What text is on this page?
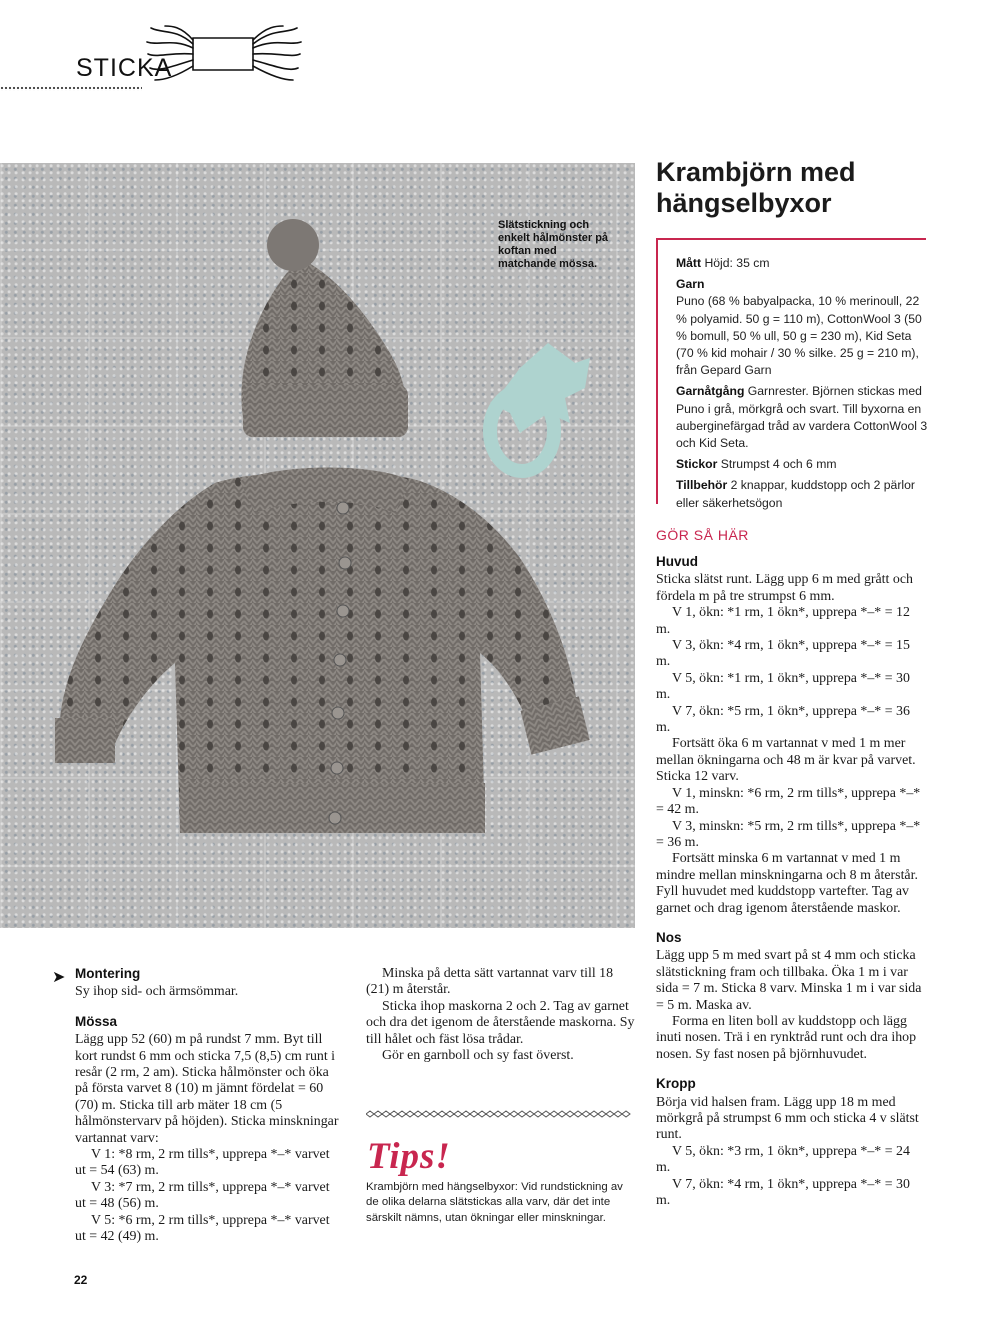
STICKA
Slätstickning och enkelt hålmönster på koftan med matchande mössa.
Krambjörn med hängselbyxor

Mått Höjd: 35 cm

Garn
Puno (68 % babyalpacka, 10 % merinoull, 22 % polyamid. 50 g = 110 m), CottonWool 3 (50 % bomull, 50 % ull, 50 g = 230 m), Kid Seta (70 % kid mohair / 30 % silke. 25 g = 210 m), från Gepard Garn

Garnåtgång Garnrester. Björnen stickas med Puno i grå, mörkgrå och svart. Till byxorna en auberginefärgad tråd av vardera CottonWool 3 och Kid Seta.

Stickor Strumpst 4 och 6 mm

Tillbehör 2 knappar, kuddstopp och 2 pärlor eller säkerhetsögon

GÖR SÅ HÄR
Huvud

Sticka slätst runt. Lägg upp 6 m med grått och fördela m på tre strumpst 6 mm.

V 1, ökn: *1 rm, 1 ökn*, upprepa *–* = 12 m.

V 3, ökn: *4 rm, 1 ökn*, upprepa *–* = 15 m.

V 5, ökn: *1 rm, 1 ökn*, upprepa *–* = 30 m.

V 7, ökn: *5 rm, 1 ökn*, upprepa *–* = 36 m.

Fortsätt öka 6 m vartannat v med 1 m mer mellan ökningarna och 48 m är kvar på varvet. Sticka 12 varv.

V 1, minskn: *6 rm, 2 rm tills*, upprepa *–* = 42 m.

V 3, minskn: *5 rm, 2 rm tills*, upprepa *–* = 36 m.

Fortsätt minska 6 m vartannat v med 1 m mindre mellan minskningarna och 8 m återstår. Fyll huvudet med kuddstopp vartefter. Tag av garnet och drag igenom återstående maskor.

Nos

Lägg upp 5 m med svart på st 4 mm och sticka slätstickning fram och tillbaka. Öka 1 m i var sida = 7 m. Sticka 8 varv. Minska 1 m i var sida = 5 m. Maska av.

Forma en liten boll av kuddstopp och lägg inuti nosen. Trä i en rynktråd runt och dra ihop nosen. Sy fast nosen på björnhuvudet.

Kropp

Börja vid halsen fram. Lägg upp 18 m med mörkgrå på strumpst 6 mm och sticka 4 v slätst runt.

V 5, ökn: *3 rm, 1 ökn*, upprepa *–* = 24 m.

V 7, ökn: *4 rm, 1 ökn*, upprepa *–* = 30 m.

➤ Montering

Sy ihop sid- och ärmsömmar.

Mössa

Lägg upp 52 (60) m på rundst 7 mm. Byt till kort rundst 6 mm och sticka 7,5 (8,5) cm runt i resår (2 rm, 2 am). Sticka hålmönster och öka på första varvet 8 (10) m jämnt fördelat = 60 (70) m. Sticka till arb mäter 18 cm (5 hålmönstervarv på höjden). Sticka minskningar vartannat varv:

V 1: *8 rm, 2 rm tills*, upprepa *–* varvet ut = 54 (63) m.

V 3: *7 rm, 2 rm tills*, upprepa *–* varvet ut = 48 (56) m.

V 5: *6 rm, 2 rm tills*, upprepa *–* varvet ut = 42 (49) m.

Minska på detta sätt vartannat varv till 18 (21) m återstår.

Sticka ihop maskorna 2 och 2. Tag av garnet och dra det igenom de återstående maskorna. Sy till hålet och fäst lösa trådar.

Gör en garnboll och sy fast överst.

Tips!
Krambjörn med hängselbyxor: Vid rundstickning av de olika delarna slätstickas alla varv, där det inte särskilt nämns, utan ökningar eller minskningar.
22
